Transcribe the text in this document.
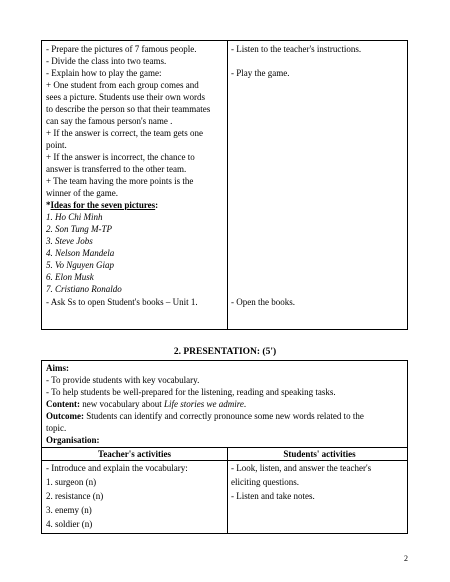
- Prepare the pictures of 7 famous people.
- Divide the class into two teams.
- Explain how to play the game:
+ One student from each group comes and
sees a picture. Students use their own words
to describe the person so that their teammates
can say the famous person's name .
+ If the answer is correct, the team gets one
point.
+ If the answer is incorrect, the chance to
answer is transferred to the other team.
+ The team having the more points is the
winner of the game.
*Ideas for the seven pictures:
1. Ho Chi Minh
2. Son Tung M-TP
3. Steve Jobs
4. Nelson Mandela
5. Vo Nguyen Giap
6. Elon Musk
7. Cristiano Ronaldo
- Ask Ss to open Student's books – Unit 1.
- Listen to the teacher's instructions.
- Play the game.
- Open the books.
2. PRESENTATION: (5')
Aims:
- To provide students with key vocabulary.
- To help students be well-prepared for the listening, reading and speaking tasks.
Content: new vocabulary about Life stories we admire.
Outcome: Students can identify and correctly pronounce some new words related to the
topic.
Organisation:
Teacher's activities	Students' activities
- Introduce and explain the vocabulary:
1. surgeon (n)
2. resistance (n)
3. enemy (n)
4. soldier (n)
- Look, listen, and answer the teacher's
eliciting questions.
- Listen and take notes.
2
